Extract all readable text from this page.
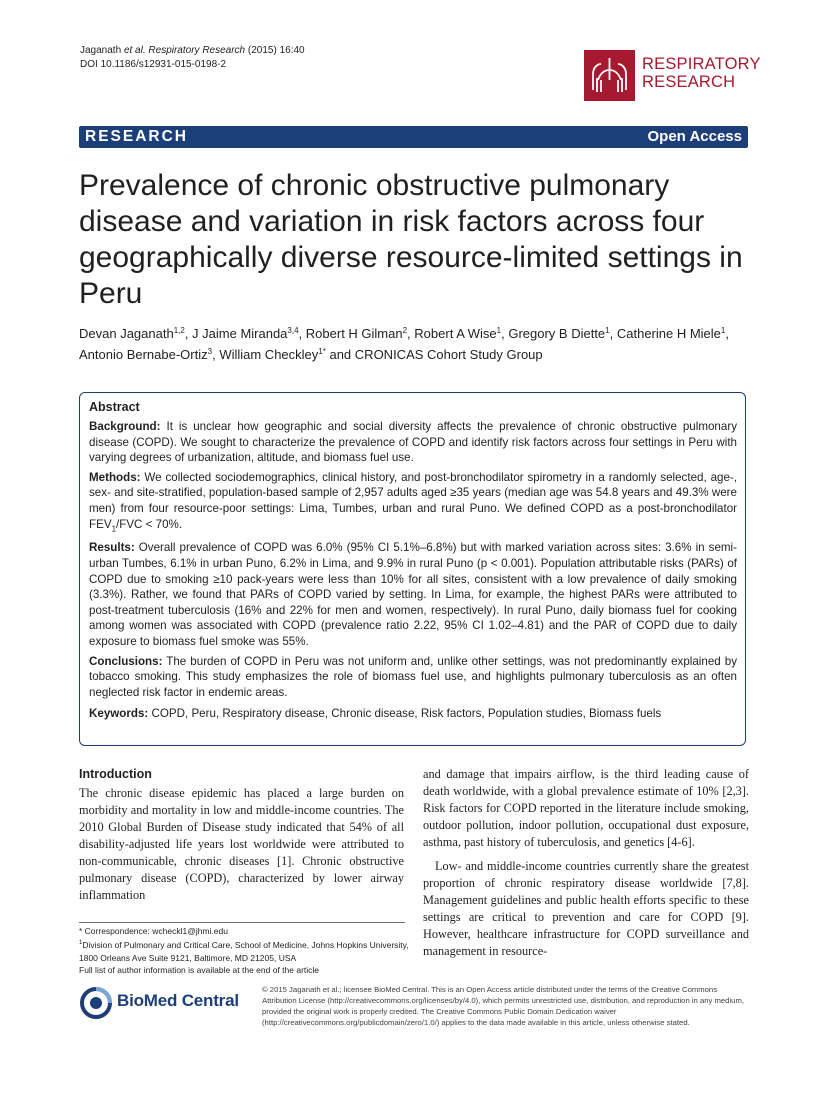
Jaganath et al. Respiratory Research (2015) 16:40
DOI 10.1186/s12931-015-0198-2	RESPIRATORY
RESEARCH
RESEARCH	Open Access
Prevalence of chronic obstructive pulmonary disease and variation in risk factors across four geographically diverse resource-limited settings in Peru
Devan Jaganath$^{1,2}$, J Jaime Miranda$^{3,4}$, Robert H Gilman$^2$, Robert A Wise$^1$, Gregory B Diette$^1$, Catherine H Miele$^1$, Antonio Bernabe-Ortiz$^3$, William Checkley$^{1*}$ and CRONICAS Cohort Study Group
Abstract

Background: It is unclear how geographic and social diversity affects the prevalence of chronic obstructive pulmonary disease (COPD). We sought to characterize the prevalence of COPD and identify risk factors across four settings in Peru with varying degrees of urbanization, altitude, and biomass fuel use.

Methods: We collected sociodemographics, clinical history, and post-bronchodilator spirometry in a randomly selected, age-, sex- and site-stratified, population-based sample of 2,957 adults aged ≥35 years (median age was 54.8 years and 49.3% were men) from four resource-poor settings: Lima, Tumbes, urban and rural Puno. We defined COPD as a post-bronchodilator $FEV_1$/FVC < 70%.

Results: Overall prevalence of COPD was 6.0% (95% CI 5.1%–6.8%) but with marked variation across sites: 3.6% in semi-urban Tumbes, 6.1% in urban Puno, 6.2% in Lima, and 9.9% in rural Puno (p < 0.001). Population attributable risks (PARs) of COPD due to smoking ≥10 pack-years were less than 10% for all sites, consistent with a low prevalence of daily smoking (3.3%). Rather, we found that PARs of COPD varied by setting. In Lima, for example, the highest PARs were attributed to post-treatment tuberculosis (16% and 22% for men and women, respectively). In rural Puno, daily biomass fuel for cooking among women was associated with COPD (prevalence ratio 2.22, 95% CI 1.02–4.81) and the PAR of COPD due to daily exposure to biomass fuel smoke was 55%.

Conclusions: The burden of COPD in Peru was not uniform and, unlike other settings, was not predominantly explained by tobacco smoking. This study emphasizes the role of biomass fuel use, and highlights pulmonary tuberculosis as an often neglected risk factor in endemic areas.

Keywords: COPD, Peru, Respiratory disease, Chronic disease, Risk factors, Population studies, Biomass fuels

Introduction

The chronic disease epidemic has placed a large burden on morbidity and mortality in low and middle-income countries. The 2010 Global Burden of Disease study indicated that 54% of all disability-adjusted life years lost worldwide were attributed to non-communicable, chronic diseases [1]. Chronic obstructive pulmonary disease (COPD), characterized by lower airway inflammation

and damage that impairs airflow, is the third leading cause of death worldwide, with a global prevalence estimate of 10% [2,3]. Risk factors for COPD reported in the literature include smoking, outdoor pollution, indoor pollution, occupational dust exposure, asthma, past history of tuberculosis, and genetics [4-6].

Low- and middle-income countries currently share the greatest proportion of chronic respiratory disease worldwide [7,8]. Management guidelines and public health efforts specific to these settings are critical to prevention and care for COPD [9]. However, healthcare infrastructure for COPD surveillance and management in resource-

* Correspondence: wcheckl1@jhmi.edu
$^1$Division of Pulmonary and Critical Care, School of Medicine, Johns Hopkins University, 1800 Orleans Ave Suite 9121, Baltimore, MD 21205, USA
Full list of author information is available at the end of the article
BioMed Central
© 2015 Jaganath et al.; licensee BioMed Central. This is an Open Access article distributed under the terms of the Creative Commons Attribution License (http://creativecommons.org/licenses/by/4.0), which permits unrestricted use, distribution, and reproduction in any medium, provided the original work is properly credited. The Creative Commons Public Domain Dedication waiver (http://creativecommons.org/publicdomain/zero/1.0/) applies to the data made available in this article, unless otherwise stated.
